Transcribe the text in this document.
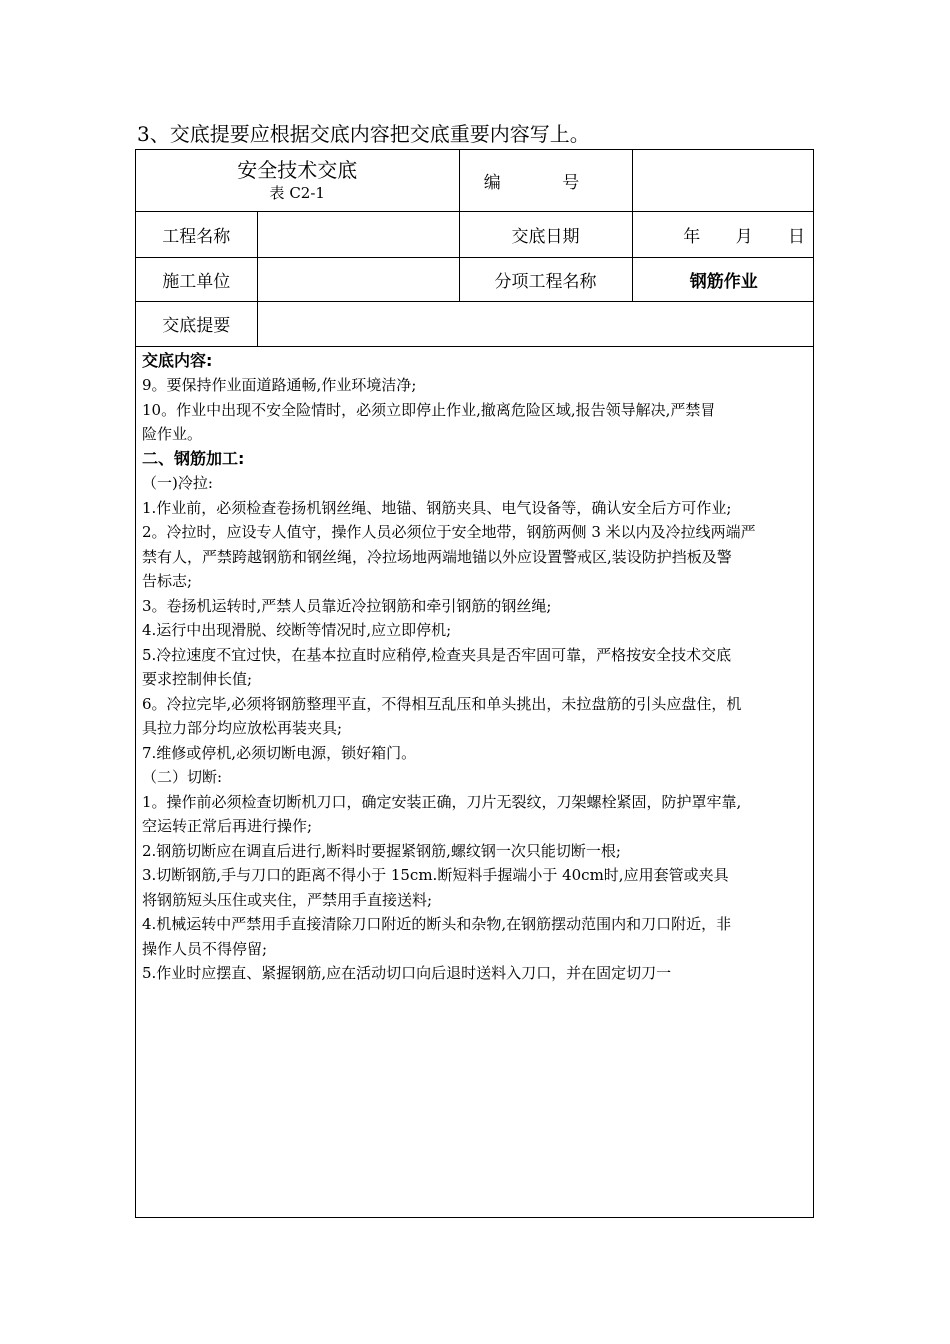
3、交底提要应根据交底内容把交底重要内容写上。
安全技术交底
表 C2-1		编 号	
工程名称		交底日期	年 月 日
施工单位		分项工程名称	钢筋作业
交底提要			

交底内容:

9。要保持作业面道路通畅,作业环境洁净;

10。作业中出现不安全险情时，必须立即停止作业,撤离危险区域,报告领导解决,严禁冒

险作业。

二、钢筋加工:

（一)冷拉:

1.作业前，必须检查卷扬机钢丝绳、地锚、钢筋夹具、电气设备等，确认安全后方可作业;

2。冷拉时，应设专人值守，操作人员必须位于安全地带，钢筋两侧 3 米以内及冷拉线两端严

禁有人，严禁跨越钢筋和钢丝绳，冷拉场地两端地锚以外应设置警戒区,装设防护挡板及警

告标志;

3。卷扬机运转时,严禁人员靠近冷拉钢筋和牵引钢筋的钢丝绳;

4.运行中出现滑脱、绞断等情况时,应立即停机;

5.冷拉速度不宜过快，在基本拉直时应稍停,检查夹具是否牢固可靠，严格按安全技术交底

要求控制伸长值;

6。冷拉完毕,必须将钢筋整理平直，不得相互乱压和单头挑出，未拉盘筋的引头应盘住，机

具拉力部分均应放松再装夹具;

7.维修或停机,必须切断电源，锁好箱门。

（二）切断:

1。操作前必须检查切断机刀口，确定安装正确，刀片无裂纹，刀架螺栓紧固，防护罩牢靠,

空运转正常后再进行操作;

2.钢筋切断应在调直后进行,断料时要握紧钢筋,螺纹钢一次只能切断一根;

3.切断钢筋,手与刀口的距离不得小于 15cm.断短料手握端小于 40cm时,应用套管或夹具

将钢筋短头压住或夹住，严禁用手直接送料;

4.机械运转中严禁用手直接清除刀口附近的断头和杂物,在钢筋摆动范围内和刀口附近，非

操作人员不得停留;

5.作业时应摆直、紧握钢筋,应在活动切口向后退时送料入刀口，并在固定切刀一
